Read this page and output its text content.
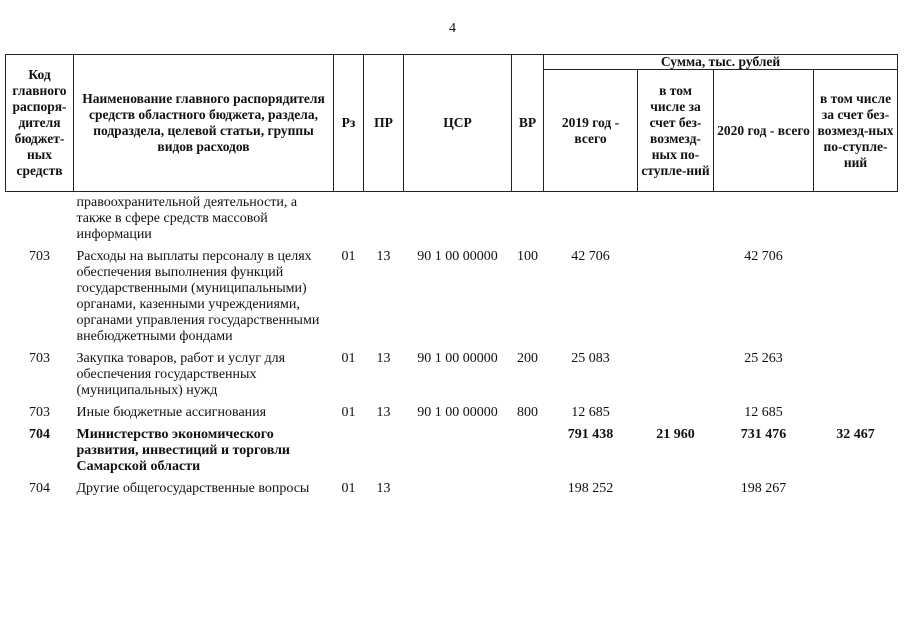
4
Код главного распоря-дителя бюджет-ных средств	Наименование главного распорядителя средств областного бюджета, раздела, подраздела, целевой статьи, группы видов расходов	Рз	ПР	ЦСР	ВР	Сумма, тыс. рублей			
						2019 год - всего	в том числе за счет без-возмезд-ных по-ступле-ний	2020 год - всего	в том числе за счет без-возмезд-ных по-ступле-ний
	правоохранительной деятельности, а также в сфере средств массовой информации								
703	Расходы на выплаты персоналу в целях обеспечения выполнения функций государственными (муниципальными) органами, казенными учреждениями, органами управления государственными внебюджетными фондами	01	13	90 1 00 00000	100	42 706		42 706	
703	Закупка товаров, работ и услуг для обеспечения государственных (муниципальных) нужд	01	13	90 1 00 00000	200	25 083		25 263	
703	Иные бюджетные ассигнования	01	13	90 1 00 00000	800	12 685		12 685	
704	Министерство экономического развития, инвестиций и торговли Самарской области					791 438	21 960	731 476	32 467
704	Другие общегосударственные вопросы	01	13			198 252		198 267	
